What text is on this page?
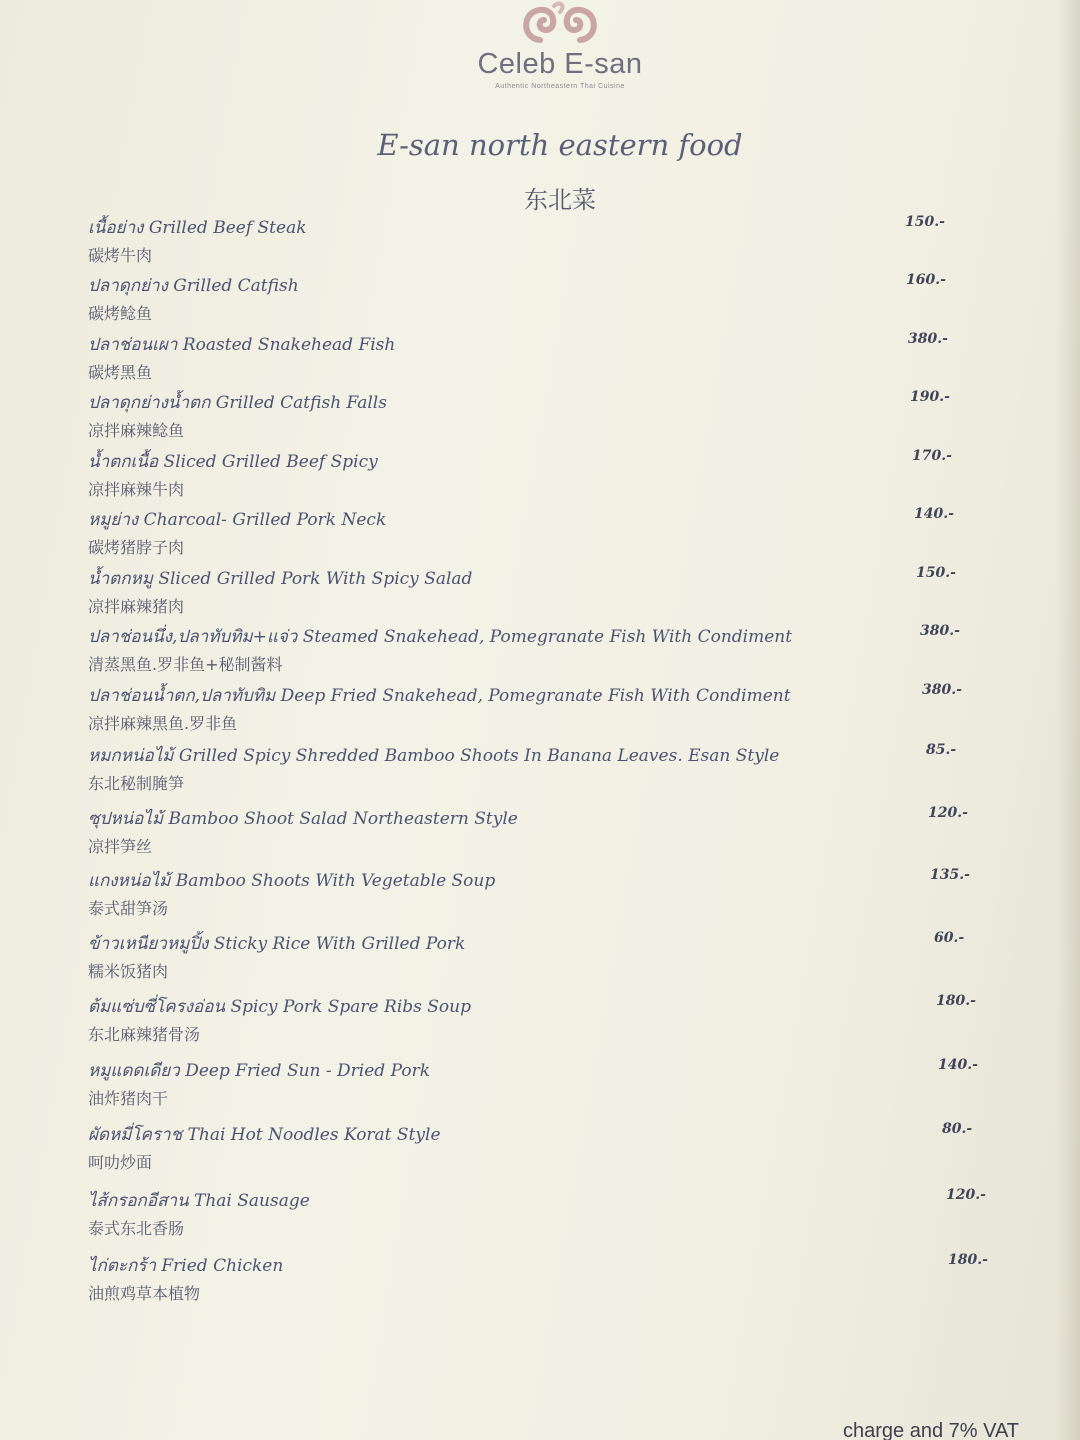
Celeb E-san
Authentic Northeastern Thai Cuisine
E-san north eastern food
东北菜
เนื้อย่าง Grilled Beef Steak
碳烤牛肉
150.-
ปลาดุกย่าง Grilled Catfish
碳烤鲶鱼
160.-
ปลาช่อนเผา Roasted Snakehead Fish
碳烤黑鱼
380.-
ปลาดุกย่างน้ำตก Grilled Catfish Falls
凉拌麻辣鲶鱼
190.-
น้ำตกเนื้อ Sliced Grilled Beef Spicy
凉拌麻辣牛肉
170.-
หมูย่าง Charcoal- Grilled Pork Neck
碳烤猪脖子肉
140.-
น้ำตกหมู Sliced Grilled Pork With Spicy Salad
凉拌麻辣猪肉
150.-
ปลาช่อนนึ่ง,ปลาทับทิม+แจ่ว Steamed Snakehead, Pomegranate Fish With Condiment
清蒸黑鱼.罗非鱼+秘制酱料
380.-
ปลาช่อนน้ำตก,ปลาทับทิม Deep Fried Snakehead, Pomegranate Fish With Condiment
凉拌麻辣黑鱼.罗非鱼
380.-
หมกหน่อไม้ Grilled Spicy Shredded Bamboo Shoots In Banana Leaves. Esan Style
东北秘制腌笋
85.-
ซุปหน่อไม้ Bamboo Shoot Salad Northeastern Style
凉拌笋丝
120.-
แกงหน่อไม้ Bamboo Shoots With Vegetable Soup
泰式甜笋汤
135.-
ข้าวเหนียวหมูปิ้ง Sticky Rice With Grilled Pork
糯米饭猪肉
60.-
ต้มแซ่บซี่โครงอ่อน Spicy Pork Spare Ribs Soup
东北麻辣猪骨汤
180.-
หมูแดดเดียว Deep Fried Sun - Dried Pork
油炸猪肉干
140.-
ผัดหมี่โคราช Thai Hot Noodles Korat Style
呵叻炒面
80.-
ไส้กรอกอีสาน Thai Sausage
泰式东北香肠
120.-
ไก่ตะกร้า Fried Chicken
油煎鸡草本植物
180.-
charge and 7% VAT
